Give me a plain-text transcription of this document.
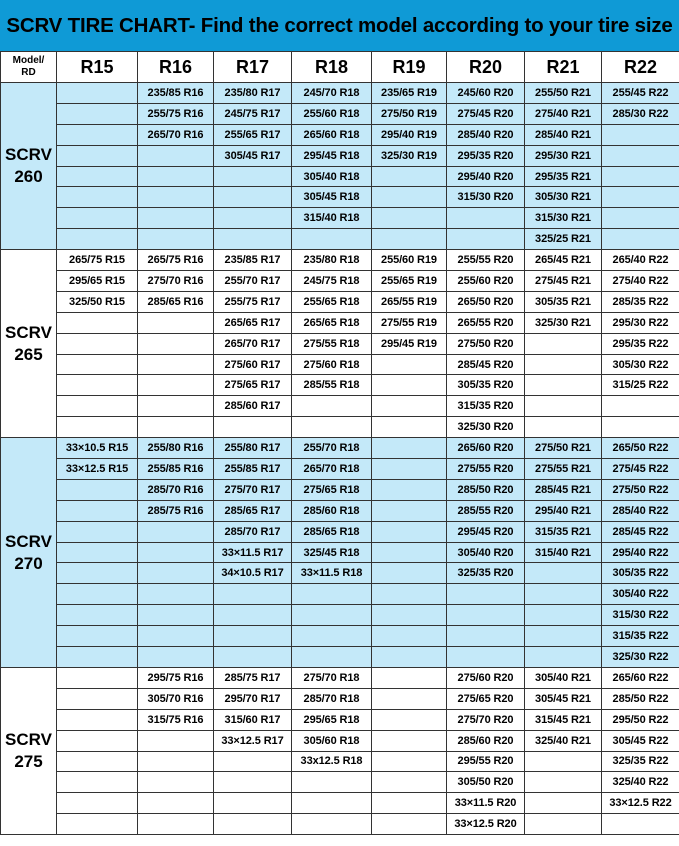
SCRV TIRE CHART- Find the correct model according to your tire size
Model/
RD	R15	R16	R17	R18	R19	R20	R21	R22

SCRV
260		235/85 R16	235/80 R17	245/70 R18	235/65 R19	245/60 R20	255/50 R21	255/45 R22
		255/75 R16	245/75 R17	255/60 R18	275/50 R19	275/45 R20	275/40 R21	285/30 R22
		265/70 R16	255/65 R17	265/60 R18	295/40 R19	285/40 R20	285/40 R21	
			305/45 R17	295/45 R18	325/30 R19	295/35 R20	295/30 R21	
				305/40 R18		295/40 R20	295/35 R21	
				305/45 R18		315/30 R20	305/30 R21	
				315/40 R18			315/30 R21	
							325/25 R21	

SCRV
265	265/75 R15	265/75 R16	235/85 R17	235/80 R18	255/60 R19	255/55 R20	265/45 R21	265/40 R22
	295/65 R15	275/70 R16	255/70 R17	245/75 R18	255/65 R19	255/60 R20	275/45 R21	275/40 R22
	325/50 R15	285/65 R16	255/75 R17	255/65 R18	265/55 R19	265/50 R20	305/35 R21	285/35 R22
			265/65 R17	265/65 R18	275/55 R19	265/55 R20	325/30 R21	295/30 R22
			265/70 R17	275/55 R18	295/45 R19	275/50 R20		295/35 R22
			275/60 R17	275/60 R18		285/45 R20		305/30 R22
			275/65 R17	285/55 R18		305/35 R20		315/25 R22
			285/60 R17			315/35 R20		
						325/30 R20		

SCRV
270	33×10.5 R15	255/80 R16	255/80 R17	255/70 R18		265/60 R20	275/50 R21	265/50 R22
	33×12.5 R15	255/85 R16	255/85 R17	265/70 R18		275/55 R20	275/55 R21	275/45 R22
		285/70 R16	275/70 R17	275/65 R18		285/50 R20	285/45 R21	275/50 R22
		285/75 R16	285/65 R17	285/60 R18		285/55 R20	295/40 R21	285/40 R22
			285/70 R17	285/65 R18		295/45 R20	315/35 R21	285/45 R22
			33×11.5 R17	325/45 R18		305/40 R20	315/40 R21	295/40 R22
			34×10.5 R17	33×11.5 R18		325/35 R20		305/35 R22
								305/40 R22
								315/30 R22
								315/35 R22
								325/30 R22

SCRV
275		295/75 R16	285/75 R17	275/70 R18		275/60 R20	305/40 R21	265/60 R22
		305/70 R16	295/70 R17	285/70 R18		275/65 R20	305/45 R21	285/50 R22
		315/75 R16	315/60 R17	295/65 R18		275/70 R20	315/45 R21	295/50 R22
			33×12.5 R17	305/60 R18		285/60 R20	325/40 R21	305/45 R22
				33x12.5 R18		295/55 R20		325/35 R22
						305/50 R20		325/40 R22
						33×11.5 R20		33×12.5 R22
						33×12.5 R20		
